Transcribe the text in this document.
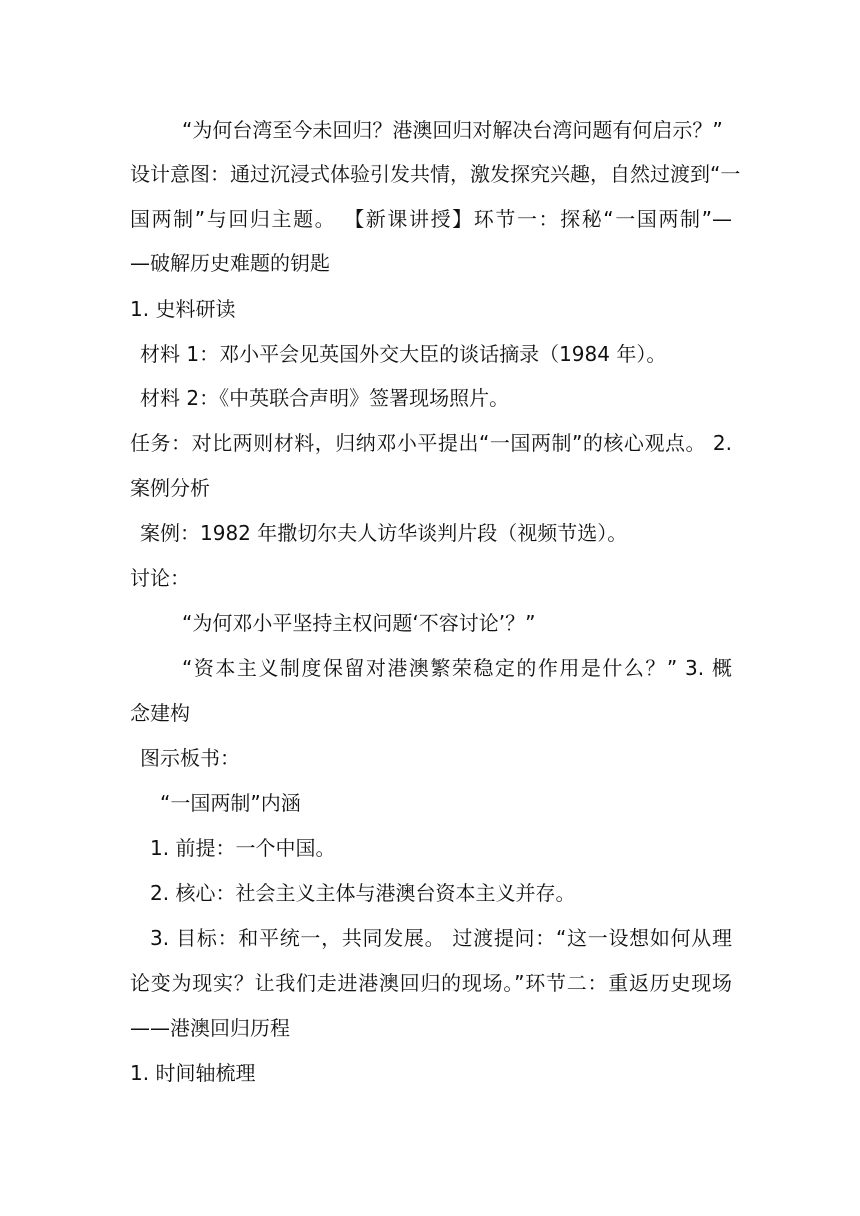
“为何台湾至今未回归？港澳回归对解决台湾问题有何启示？”
设计意图：通过沉浸式体验引发共情，激发探究兴趣，自然过渡到“一
国两制”与回归主题。 【新课讲授】环节一：探秘“一国两制”—
—破解历史难题的钥匙
1. 史料研读
材料 1：邓小平会见英国外交大臣的谈话摘录（1984 年）。
材料 2：《中英联合声明》签署现场照片。
任务：对比两则材料，归纳邓小平提出“一国两制”的核心观点。 2.
案例分析
案例：1982 年撒切尔夫人访华谈判片段（视频节选）。
讨论：
“为何邓小平坚持主权问题‘不容讨论’？”
“资本主义制度保留对港澳繁荣稳定的作用是什么？” 3. 概
念建构
图示板书：
“一国两制”内涵
1. 前提：一个中国。
2. 核心：社会主义主体与港澳台资本主义并存。
3. 目标：和平统一，共同发展。 过渡提问：“这一设想如何从理
论变为现实？让我们走进港澳回归的现场。”环节二：重返历史现场
——港澳回归历程
1. 时间轴梳理
